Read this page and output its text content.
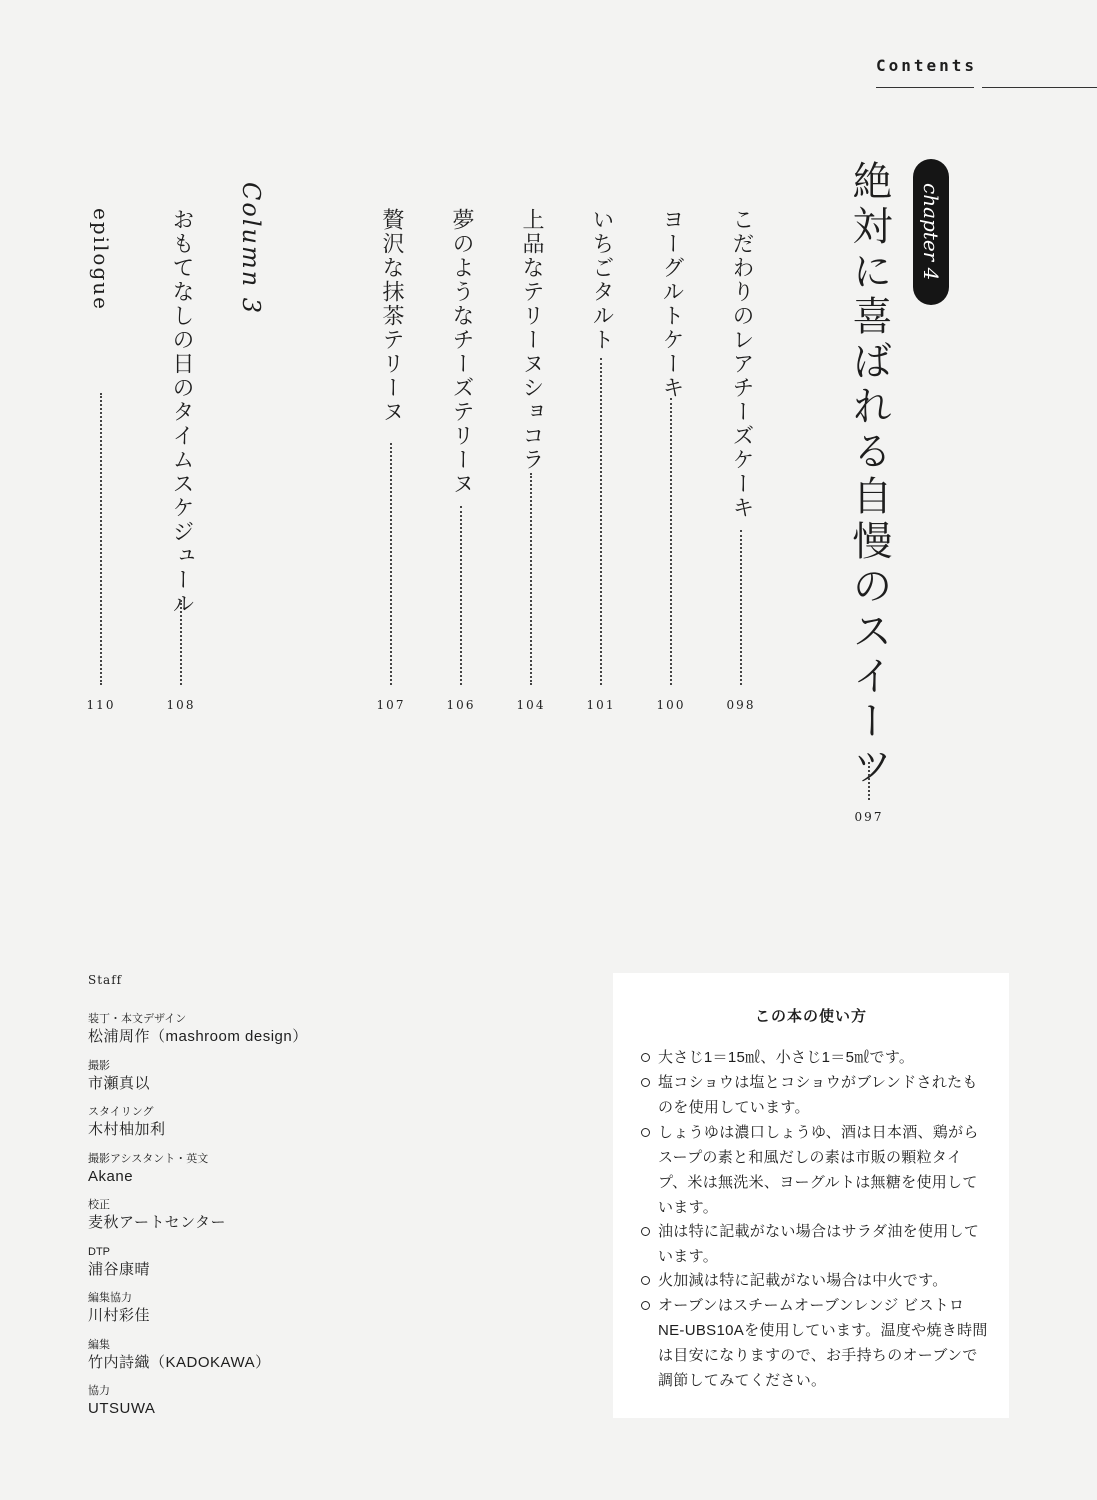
Contents
chapter 4
絶対に喜ばれる自慢のスイーツ
097
こだわりのレアチーズケーキ
098
ヨーグルトケーキ
100
いちごタルト
101
上品なテリーヌショコラ
104
夢のようなチーズテリーヌ
106
贅沢な抹茶テリーヌ
107
Column 3
おもてなしの日のタイムスケジュール
108
epilogue
110
Staff
装丁・本文デザイン
松浦周作（mashroom design）
撮影
市瀬真以
スタイリング
木村柚加利
撮影アシスタント・英文
Akane
校正
麦秋アートセンター
DTP
浦谷康晴
編集協力
川村彩佳
編集
竹内詩織（KADOKAWA）
協力
UTSUWA
この本の使い方
大さじ1＝15㎖、小さじ1＝5㎖です。
塩コショウは塩とコショウがブレンドされたものを使用しています。
しょうゆは濃口しょうゆ、酒は日本酒、鶏がらスープの素と和風だしの素は市販の顆粒タイプ、米は無洗米、ヨーグルトは無糖を使用しています。
油は特に記載がない場合はサラダ油を使用しています。
火加減は特に記載がない場合は中火です。
オーブンはスチームオーブンレンジ ビストロ NE-UBS10Aを使用しています。温度や焼き時間は目安になりますので、お手持ちのオーブンで調節してみてください。
